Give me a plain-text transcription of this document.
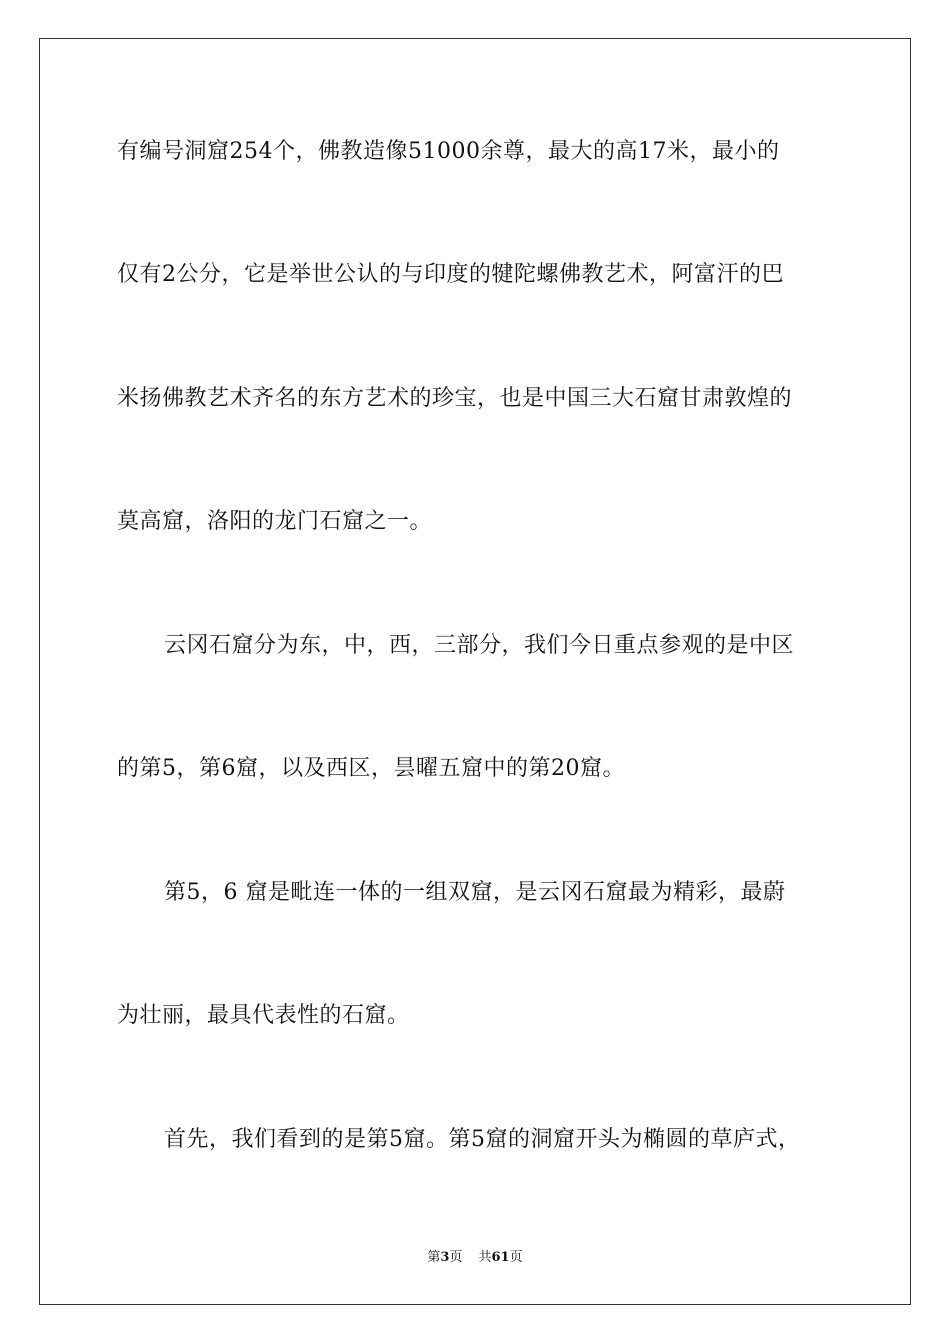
有编号洞窟254个，佛教造像51000余尊，最大的高17米，最小的
仅有2公分，它是举世公认的与印度的犍陀螺佛教艺术，阿富汗的巴
米扬佛教艺术齐名的东方艺术的珍宝，也是中国三大石窟甘肃敦煌的
莫高窟，洛阳的龙门石窟之一。
云冈石窟分为东，中，西，三部分，我们今日重点参观的是中区
的第5，第6窟，以及西区，昙曜五窟中的第20窟。
第5，6 窟是毗连一体的一组双窟，是云冈石窟最为精彩，最蔚
为壮丽，最具代表性的石窟。
首先，我们看到的是第5窟。第5窟的洞窟开头为椭圆的草庐式，
第3页 共61页
